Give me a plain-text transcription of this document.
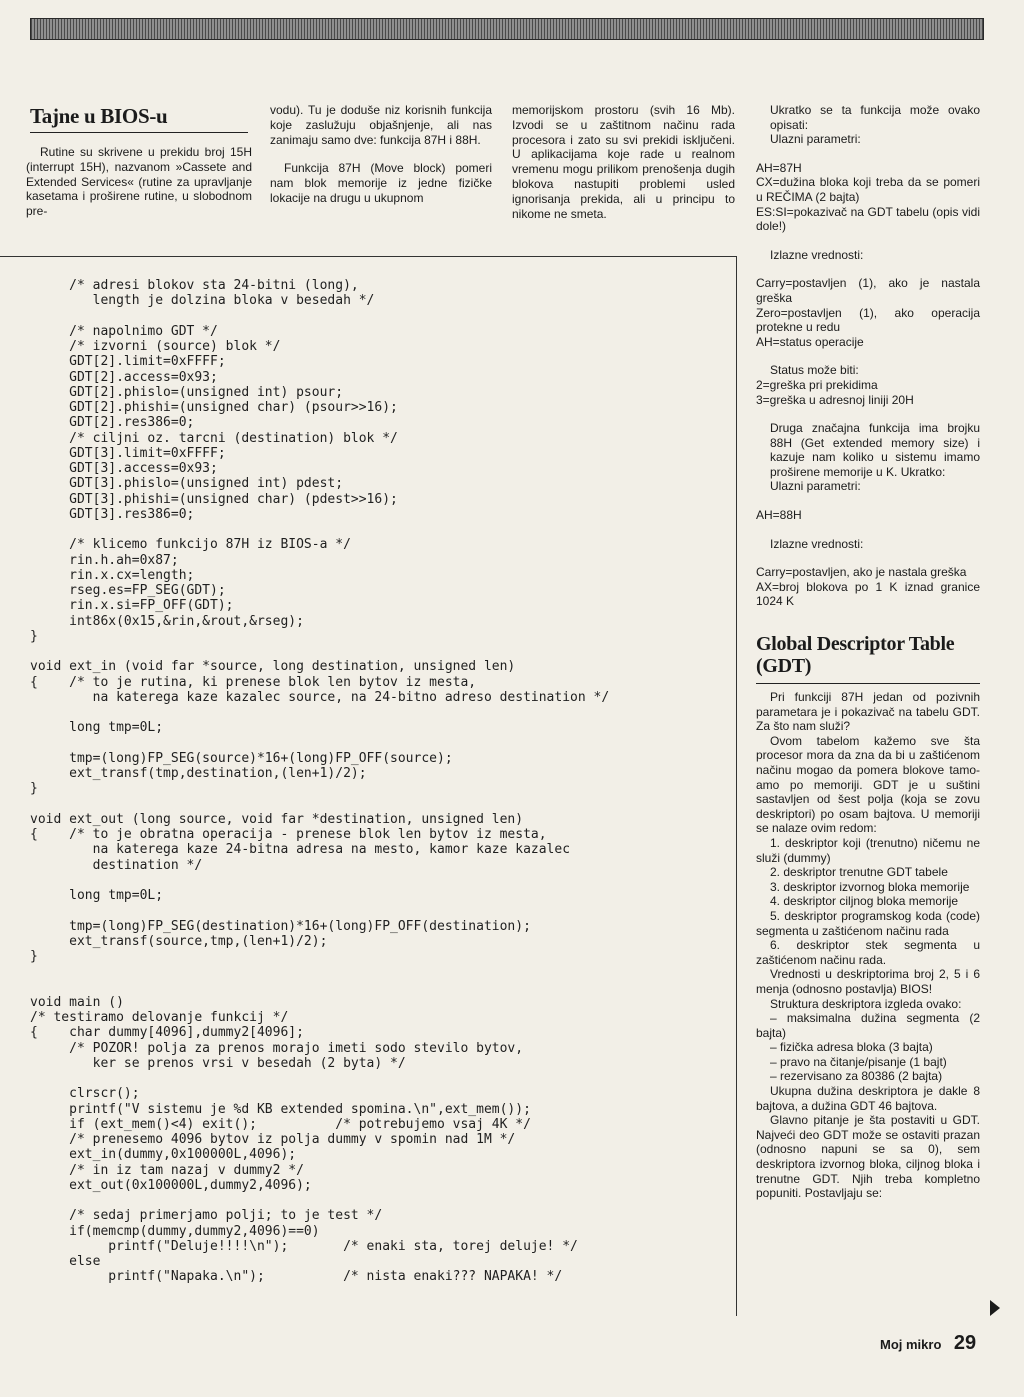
Tajne u BIOS-u

Rutine su skrivene u prekidu broj 15H (interrupt 15H), nazvanom »Cassete and Extended Services« (rutine za upravljanje kasetama i proširene rutine, u slobodnom pre-

vodu). Tu je doduše niz korisnih funkcija koje zaslužuju objašnjenje, ali nas zanimaju samo dve: funkcija 87H i 88H.

Funkcija 87H (Move block) pomeri nam blok memorije iz jedne fizičke lokacije na drugu u ukupnom

memorijskom prostoru (svih 16 Mb). Izvodi se u zaštitnom načinu rada procesora i zato su svi prekidi isključeni. U aplikacijama koje rade u realnom vremenu mogu prilikom prenošenja dugih blokova nastupiti problemi usled ignorisanja prekida, ali u principu to nikome ne smeta.

Ukratko se ta funkcija može ovako opisati:
Ulazni parametri:
AH=87H
CX=dužina bloka koji treba da se pomeri u REČIMA (2 bajta)
ES:SI=pokazivač na GDT tabelu (opis vidi dole!)
Izlazne vrednosti:
Carry=postavljen (1), ako je nastala greška
Zero=postavljen (1), ako operacija protekne u redu
AH=status operacije
Status može biti:
2=greška pri prekidima
3=greška u adresnoj liniji 20H
Druga značajna funkcija ima brojku 88H (Get extended memory size) i kazuje nam koliko u sistemu imamo proširene memorije u K. Ukratko:
Ulazni parametri:
AH=88H
Izlazne vrednosti:
Carry=postavljen, ako je nastala greška
AX=broj blokova po 1 K iznad granice 1024 K
Global Descriptor Table (GDT)

Pri funkciji 87H jedan od pozivnih parametara je i pokazivač na tabelu GDT. Za što nam služi?

Ovom tabelom kažemo sve šta procesor mora da zna da bi u zaštićenom načinu mogao da pomera blokove tamo-amo po memoriji. GDT je u suštini sastavljen od šest polja (koja se zovu deskriptori) po osam bajtova. U memoriji se nalaze ovim redom:

1. deskriptor koji (trenutno) ničemu ne služi (dummy)

2. deskriptor trenutne GDT tabele

3. deskriptor izvornog bloka memorije

4. deskriptor ciljnog bloka memorije

5. deskriptor programskog koda (code) segmenta u zaštićenom načinu rada

6. deskriptor stek segmenta u zaštićenom načinu rada.

Vrednosti u deskriptorima broj 2, 5 i 6 menja (odnosno postavlja) BIOS!

Struktura deskriptora izgleda ovako:

– maksimalna dužina segmenta (2 bajta)

– fizička adresa bloka (3 bajta)

– pravo na čitanje/pisanje (1 bajt)

– rezervisano za 80386 (2 bajta)

Ukupna dužina deskriptora je dakle 8 bajtova, a dužina GDT 46 bajtova.

Glavno pitanje je šta postaviti u GDT. Najveći deo GDT može se ostaviti prazan (odnosno napuni se sa 0), sem deskriptora izvornog bloka, ciljnog bloka i trenutne GDT. Njih treba kompletno popuniti. Postavljaju se:

/* adresi blokov sta 24-bitni (long),
length je dolzina bloka v besedah */

/* napolnimo GDT */
/* izvorni (source) blok */
GDT[2].limit=0xFFFF;
GDT[2].access=0x93;
GDT[2].phislo=(unsigned int) psour;
GDT[2].phishi=(unsigned char) (psour>>16);
GDT[2].res386=0;
/* ciljni oz. tarcni (destination) blok */
GDT[3].limit=0xFFFF;
GDT[3].access=0x93;
GDT[3].phislo=(unsigned int) pdest;
GDT[3].phishi=(unsigned char) (pdest>>16);
GDT[3].res386=0;

/* klicemo funkcijo 87H iz BIOS-a */
rin.h.ah=0x87;
rin.x.cx=length;
rseg.es=FP_SEG(GDT);
rin.x.si=FP_OFF(GDT);
int86x(0x15,&rin,&rout,&rseg);
}

void ext_in (void far *source, long destination, unsigned len)
{    /* to je rutina, ki prenese blok len bytov iz mesta,
na katerega kaze kazalec source, na 24-bitno adreso destination */

long tmp=0L;

tmp=(long)FP_SEG(source)*16+(long)FP_OFF(source);
ext_transf(tmp,destination,(len+1)/2);
}

void ext_out (long source, void far *destination, unsigned len)
{    /* to je obratna operacija - prenese blok len bytov iz mesta,
na katerega kaze 24-bitna adresa na mesto, kamor kaze kazalec
destination */

long tmp=0L;

tmp=(long)FP_SEG(destination)*16+(long)FP_OFF(destination);
ext_transf(source,tmp,(len+1)/2);
}

void main ()
/* testiramo delovanje funkcij */
{    char dummy[4096],dummy2[4096];
/* POZOR! polja za prenos morajo imeti sodo stevilo bytov,
ker se prenos vrsi v besedah (2 byta) */

clrscr();
printf("V sistemu je %d KB extended spomina.\n",ext_mem());
if (ext_mem()<4) exit();          /* potrebujemo vsaj 4K */
/* prenesemo 4096 bytov iz polja dummy v spomin nad 1M */
ext_in(dummy,0x100000L,4096);
/* in iz tam nazaj v dummy2 */
ext_out(0x100000L,dummy2,4096);

/* sedaj primerjamo polji; to je test */
if(memcmp(dummy,dummy2,4096)==0)
printf("Deluje!!!!\n");       /* enaki sta, torej deluje! */
else
printf("Napaka.\n");          /* nista enaki??? NAPAKA! */
Moj mikro 29
